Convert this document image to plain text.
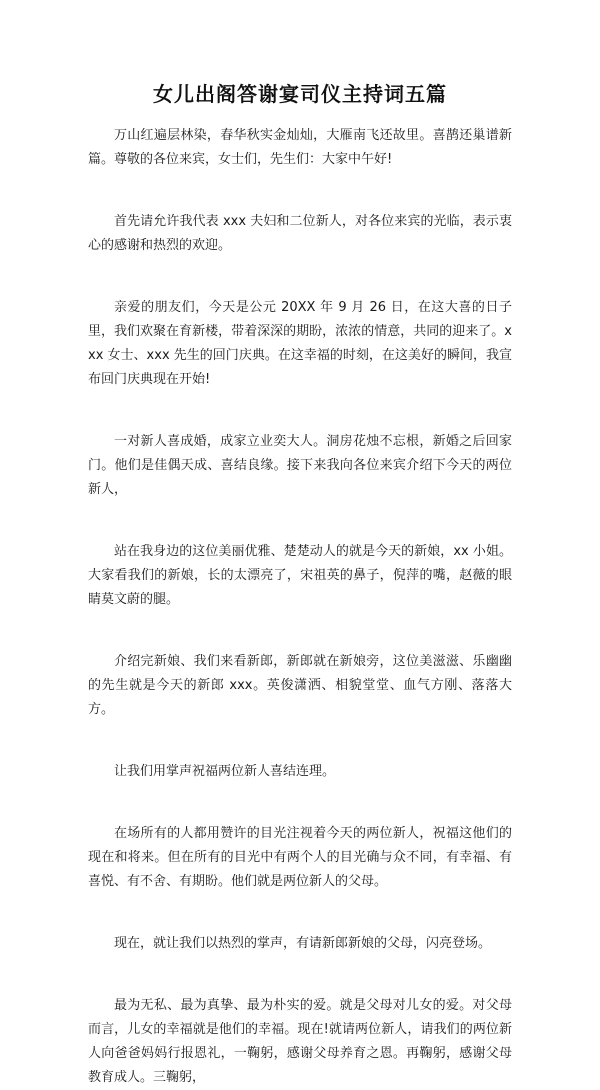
女儿出阁答谢宴司仪主持词五篇

万山红遍层林染，春华秋实金灿灿，大雁南飞还故里。喜鹊还巢谱新篇。尊敬的各位来宾，女士们，先生们：大家中午好!

首先请允许我代表 xxx 夫妇和二位新人，对各位来宾的光临，表示衷心的感谢和热烈的欢迎。

亲爱的朋友们，今天是公元 20XX 年 9 月 26 日，在这大喜的日子里，我们欢聚在育新楼，带着深深的期盼，浓浓的情意，共同的迎来了。xxx 女士、xxx 先生的回门庆典。在这幸福的时刻，在这美好的瞬间，我宣布回门庆典现在开始!

一对新人喜成婚，成家立业奕大人。洞房花烛不忘根，新婚之后回家门。他们是佳偶天成、喜结良缘。接下来我向各位来宾介绍下今天的两位新人，

站在我身边的这位美丽优雅、楚楚动人的就是今天的新娘，xx 小姐。大家看我们的新娘，长的太漂亮了，宋祖英的鼻子，倪萍的嘴，赵薇的眼睛莫文蔚的腿。

介绍完新娘、我们来看新郎，新郎就在新娘旁，这位美滋滋、乐幽幽的先生就是今天的新郎 xxx。英俊潇洒、相貌堂堂、血气方刚、落落大方。

让我们用掌声祝福两位新人喜结连理。

在场所有的人都用赞许的目光注视着今天的两位新人，祝福这他们的现在和将来。但在所有的目光中有两个人的目光确与众不同，有幸福、有喜悦、有不舍、有期盼。他们就是两位新人的父母。

现在，就让我们以热烈的掌声，有请新郎新娘的父母，闪亮登场。

最为无私、最为真挚、最为朴实的爱。就是父母对儿女的爱。对父母而言，儿女的幸福就是他们的幸福。现在!就请两位新人，请我们的两位新人向爸爸妈妈行报恩礼，一鞠躬，感谢父母养育之恩。再鞠躬，感谢父母教育成人。三鞠躬，
